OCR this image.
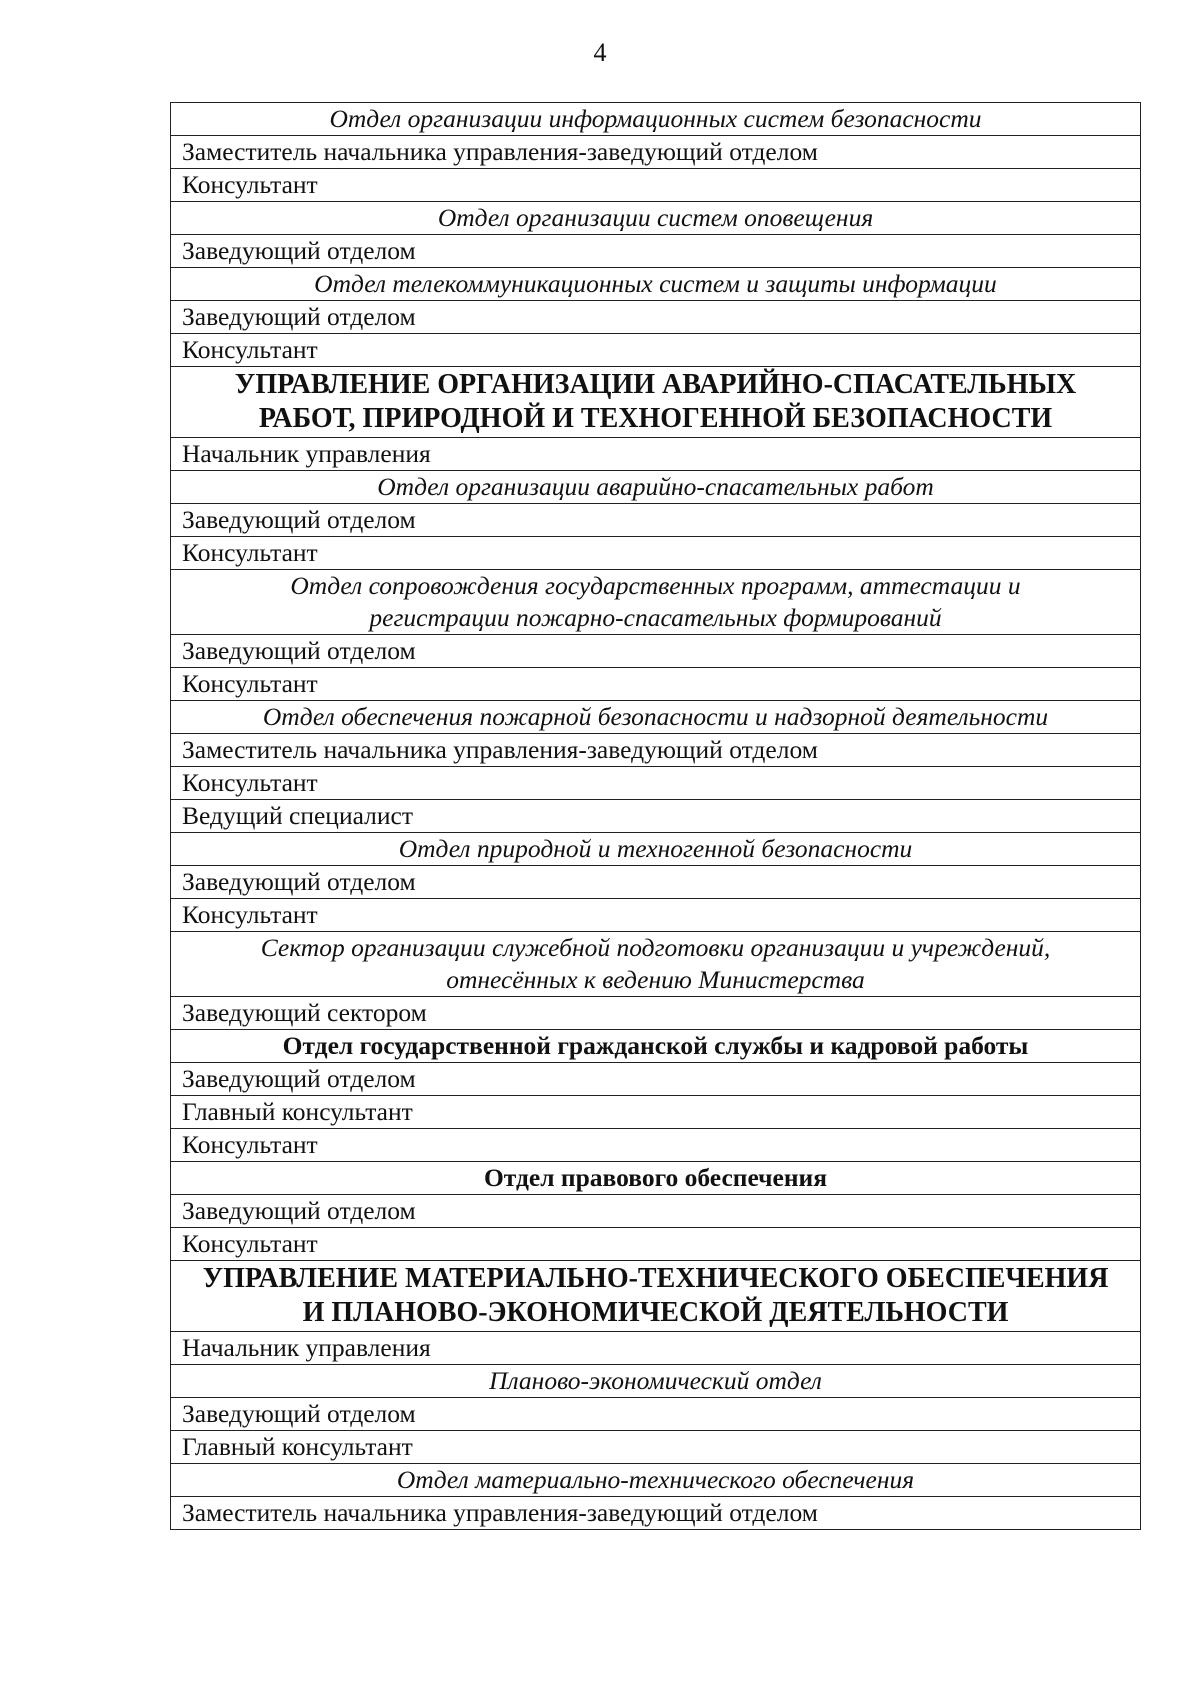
4
Отдел организации информационных систем безопасности

Заместитель начальника управления-заведующий отделом

Консультант

Отдел организации систем оповещения

Заведующий отделом

Отдел телекоммуникационных систем и защиты информации

Заведующий отделом

Консультант

УПРАВЛЕНИЕ ОРГАНИЗАЦИИ АВАРИЙНО-СПАСАТЕЛЬНЫХ
РАБОТ, ПРИРОДНОЙ И ТЕХНОГЕННОЙ БЕЗОПАСНОСТИ

Начальник управления

Отдел организации аварийно-спасательных работ

Заведующий отделом

Консультант

Отдел сопровождения государственных программ, аттестации и
регистрации пожарно-спасательных формирований

Заведующий отделом

Консультант

Отдел обеспечения пожарной безопасности и надзорной деятельности

Заместитель начальника управления-заведующий отделом

Консультант

Ведущий специалист

Отдел природной и техногенной безопасности

Заведующий отделом

Консультант

Сектор организации служебной подготовки организации и учреждений,
отнесённых к ведению Министерства

Заведующий сектором

Отдел государственной гражданской службы и кадровой работы

Заведующий отделом

Главный консультант

Консультант

Отдел правового обеспечения

Заведующий отделом

Консультант

УПРАВЛЕНИЕ МАТЕРИАЛЬНО-ТЕХНИЧЕСКОГО ОБЕСПЕЧЕНИЯ
И ПЛАНОВО-ЭКОНОМИЧЕСКОЙ ДЕЯТЕЛЬНОСТИ

Начальник управления

Планово-экономический отдел

Заведующий отделом

Главный консультант

Отдел материально-технического обеспечения

Заместитель начальника управления-заведующий отделом
